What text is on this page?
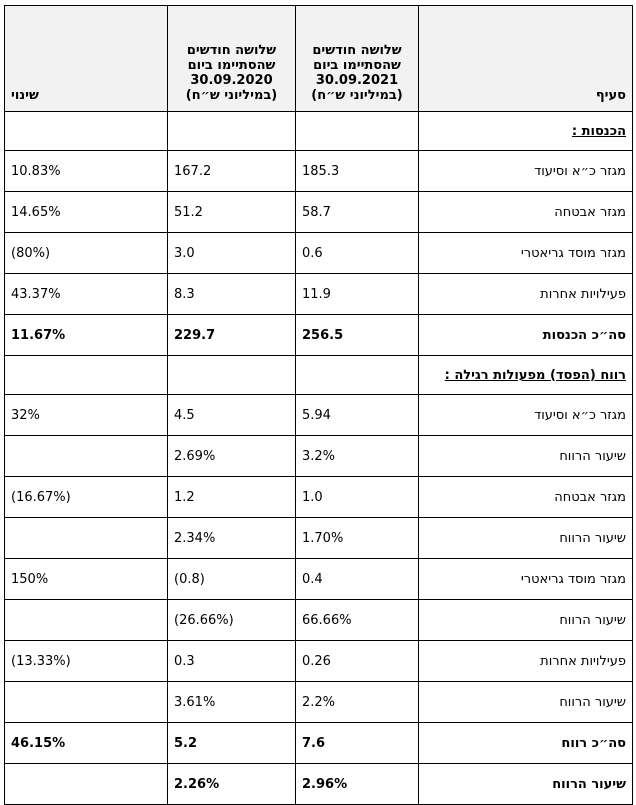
סעיף	שלושה חודשים שהסתיימו ביום 30.09.2021 (במיליוני ש״ח)	שלושה חודשים שהסתיימו ביום 30.09.2020 (במיליוני ש״ח)	שינוי
הכנסות :			
מגזר כ״א וסיעוד	185.3	167.2	10.83%
מגזר אבטחה	58.7	51.2	14.65%
מגזר מוסד גריאטרי	0.6	3.0	(80%)
פעילויות אחרות	11.9	8.3	43.37%
סה״כ הכנסות	256.5	229.7	11.67%
רווח (הפסד) מפעולות רגילה :			
מגזר כ״א וסיעוד	5.94	4.5	32%
שיעור הרווח	3.2%	2.69%	
מגזר אבטחה	1.0	1.2	(16.67%)
שיעור הרווח	1.70%	2.34%	
מגזר מוסד גריאטרי	0.4	(0.8)	150%
שיעור הרווח	66.66%	(26.66%)	
פעילויות אחרות	0.26	0.3	(13.33%)
שיעור הרווח	2.2%	3.61%	
סה״כ רווח	7.6	5.2	46.15%
שיעור הרווח	2.96%	2.26%	
